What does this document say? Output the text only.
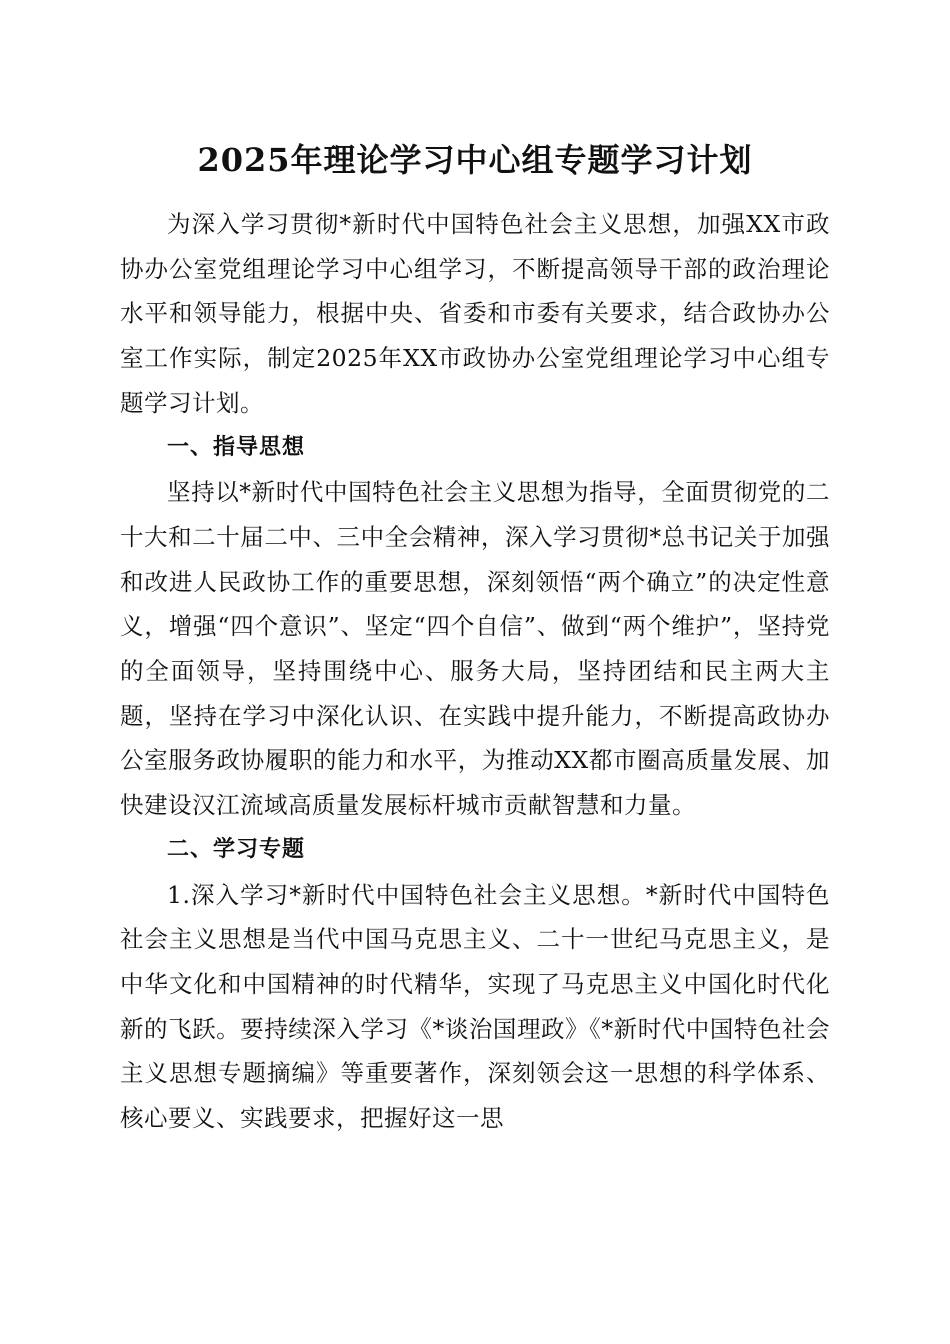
2025年理论学习中心组专题学习计划

为深入学习贯彻*新时代中国特色社会主义思想，加强XX市政协办公室党组理论学习中心组学习，不断提高领导干部的政治理论水平和领导能力，根据中央、省委和市委有关要求，结合政协办公室工作实际，制定2025年XX市政协办公室党组理论学习中心组专题学习计划。

一、指导思想

坚持以*新时代中国特色社会主义思想为指导，全面贯彻党的二十大和二十届二中、三中全会精神，深入学习贯彻*总书记关于加强和改进人民政协工作的重要思想，深刻领悟“两个确立”的决定性意义，增强“四个意识”、坚定“四个自信”、做到“两个维护”，坚持党的全面领导，坚持围绕中心、服务大局，坚持团结和民主两大主题，坚持在学习中深化认识、在实践中提升能力，不断提高政协办公室服务政协履职的能力和水平，为推动XX都市圈高质量发展、加快建设汉江流域高质量发展标杆城市贡献智慧和力量。

二、学习专题

1.深入学习*新时代中国特色社会主义思想。*新时代中国特色社会主义思想是当代中国马克思主义、二十一世纪马克思主义，是中华文化和中国精神的时代精华，实现了马克思主义中国化时代化新的飞跃。要持续深入学习《*谈治国理政》《*新时代中国特色社会主义思想专题摘编》等重要著作，深刻领会这一思想的科学体系、核心要义、实践要求，把握好这一思
